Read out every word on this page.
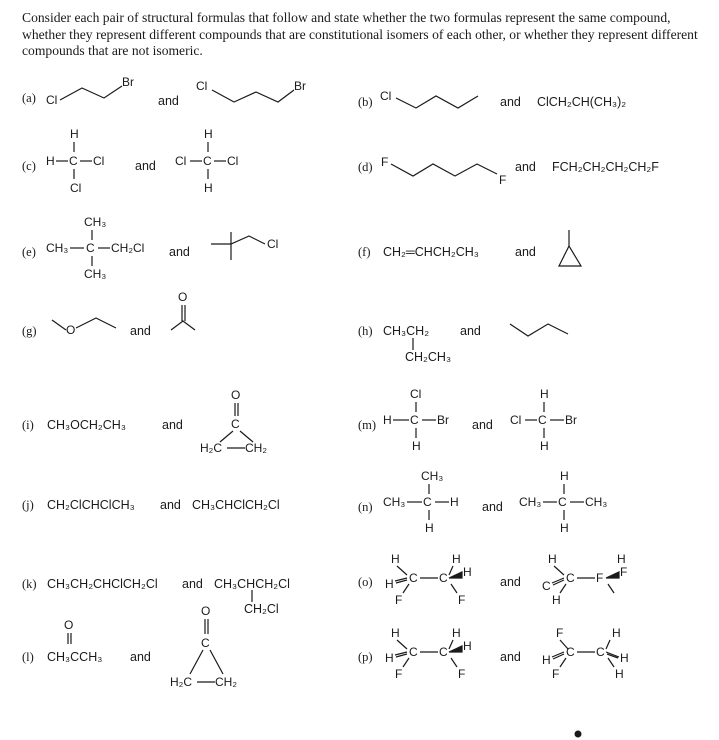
Consider each pair of structural formulas that follow and state whether the two formulas represent the same compound, whether they represent different compounds that are constitutional isomers of each other, or whether they represent different compounds that are not isomeric.
(a) Cl
Br
and
Cl	Br
(b) Cl	and ClCH₂CH(CH₃)₂
(c)
H
H C Cl
Cl
and
H
Cl C Cl
H
(d) F
F
and FCH₂CH₂CH₂CH₂F
(e)
CH₃
CH₃ C CH₂Cl
CH₃
and
Cl
(f) CH₂═CHCH₂CH₃	and
(g) O	and
O
(h) CH₃CH₂
CH₂CH₃
and
(i) CH₃OCH₂CH₃	and
O
C
H₂C CH₂
(m)
Cl
H C Br
H
and
H
Cl C Br
H
(j) CH₂ClCHClCH₃ and CH₃CHClCH₂Cl	(n)
CH₃
CH₃ C H
H
and
H
CH₃ C CH₃
H
(k) CH₃CH₂CHClCH₂Cl and CH₃CHCH₂Cl
CH₂Cl
(o)
H
H C C H
F	F
H
and
H
C
C F F
H
H
(l)
O
CH₃CCH₃ and
O
C
H₂C CH₂
(p)
H
H C C H
F	F
H
and
F
H
C C H
F	H
H
